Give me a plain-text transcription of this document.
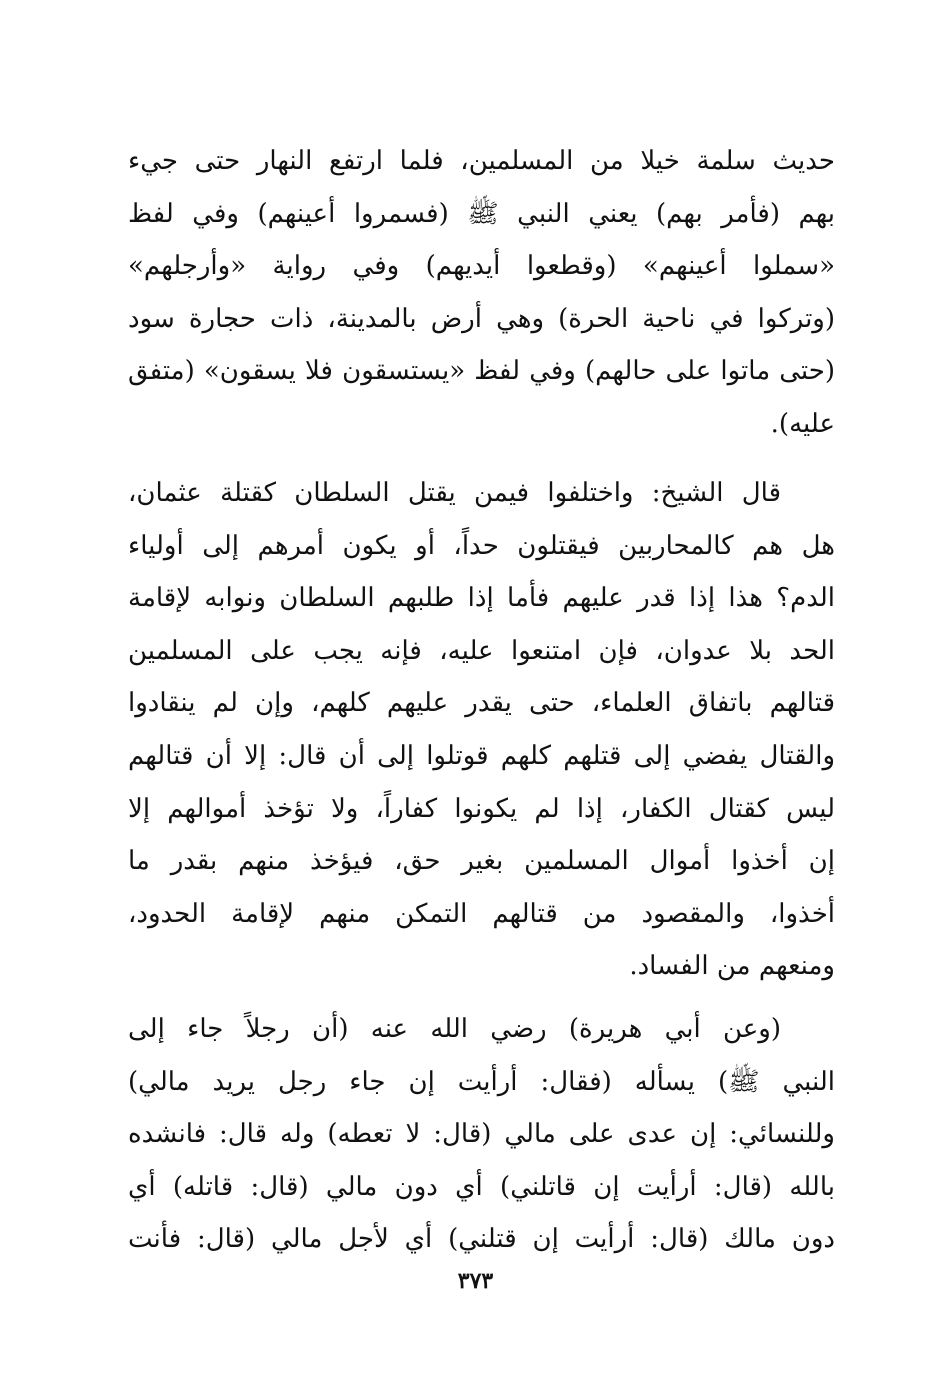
حديث سلمة خيلا من المسلمين، فلما ارتفع النهار حتى جيء
بهم (فأمر بهم) يعني النبي ﷺ (فسمروا أعينهم) وفي لفظ
«سملوا أعينهم» (وقطعوا أيديهم) وفي رواية «وأرجلهم»
(وتركوا في ناحية الحرة) وهي أرض بالمدينة، ذات حجارة سود
(حتى ماتوا على حالهم) وفي لفظ «يستسقون فلا يسقون» (متفق
عليه).
قال الشيخ: واختلفوا فيمن يقتل السلطان كقتلة عثمان،
هل هم كالمحاربين فيقتلون حداً، أو يكون أمرهم إلى أولياء
الدم؟ هذا إذا قدر عليهم فأما إذا طلبهم السلطان ونوابه لإقامة
الحد بلا عدوان، فإن امتنعوا عليه، فإنه يجب على المسلمين
قتالهم باتفاق العلماء، حتى يقدر عليهم كلهم، وإن لم ينقادوا
والقتال يفضي إلى قتلهم كلهم قوتلوا إلى أن قال: إلا أن قتالهم
ليس كقتال الكفار، إذا لم يكونوا كفاراً، ولا تؤخذ أموالهم إلا
إن أخذوا أموال المسلمين بغير حق، فيؤخذ منهم بقدر ما
أخذوا، والمقصود من قتالهم التمكن منهم لإقامة الحدود،
ومنعهم من الفساد.
(وعن أبي هريرة) رضي الله عنه (أن رجلاً جاء إلى
النبي ﷺ) يسأله (فقال: أرأيت إن جاء رجل يريد مالي)
وللنسائي: إن عدى على مالي (قال: لا تعطه) وله قال: فانشده
بالله (قال: أرأيت إن قاتلني) أي دون مالي (قال: قاتله) أي
دون مالك (قال: أرأيت إن قتلني) أي لأجل مالي (قال: فأنت
٣٧٣
